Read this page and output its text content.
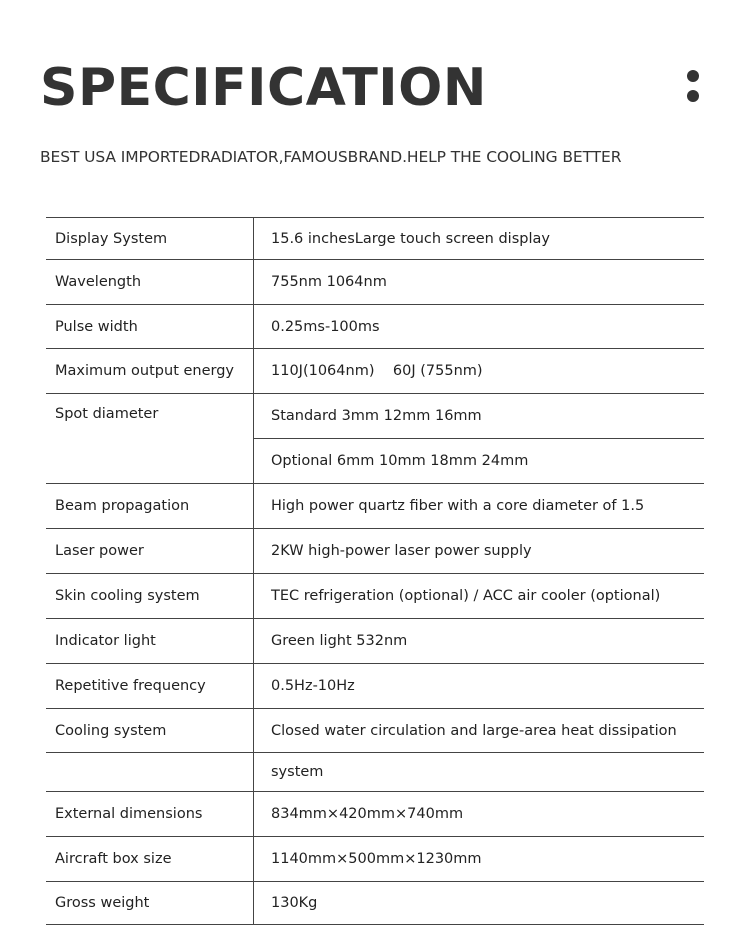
SPECIFICATION

BEST USA IMPORTEDRADIATOR,FAMOUSBRAND.HELP THE COOLING BETTER

Display System	15.6 inchesLarge touch screen display
Wavelength	755nm 1064nm
Pulse width	0.25ms-100ms
Maximum output energy	110J(1064nm)    60J (755nm)
Spot diameter	Standard 3mm 12mm 16mm
Optional 6mm 10mm 18mm 24mm
Beam propagation	High power quartz fiber with a core diameter of 1.5
Laser power	2KW high-power laser power supply
Skin cooling system	TEC refrigeration (optional) / ACC air cooler (optional)
Indicator light	Green light 532nm
Repetitive frequency	0.5Hz-10Hz
Cooling system	Closed water circulation and large-area heat dissipation
system
External dimensions	834mm×420mm×740mm
Aircraft box size	1140mm×500mm×1230mm
Gross weight	130Kg
